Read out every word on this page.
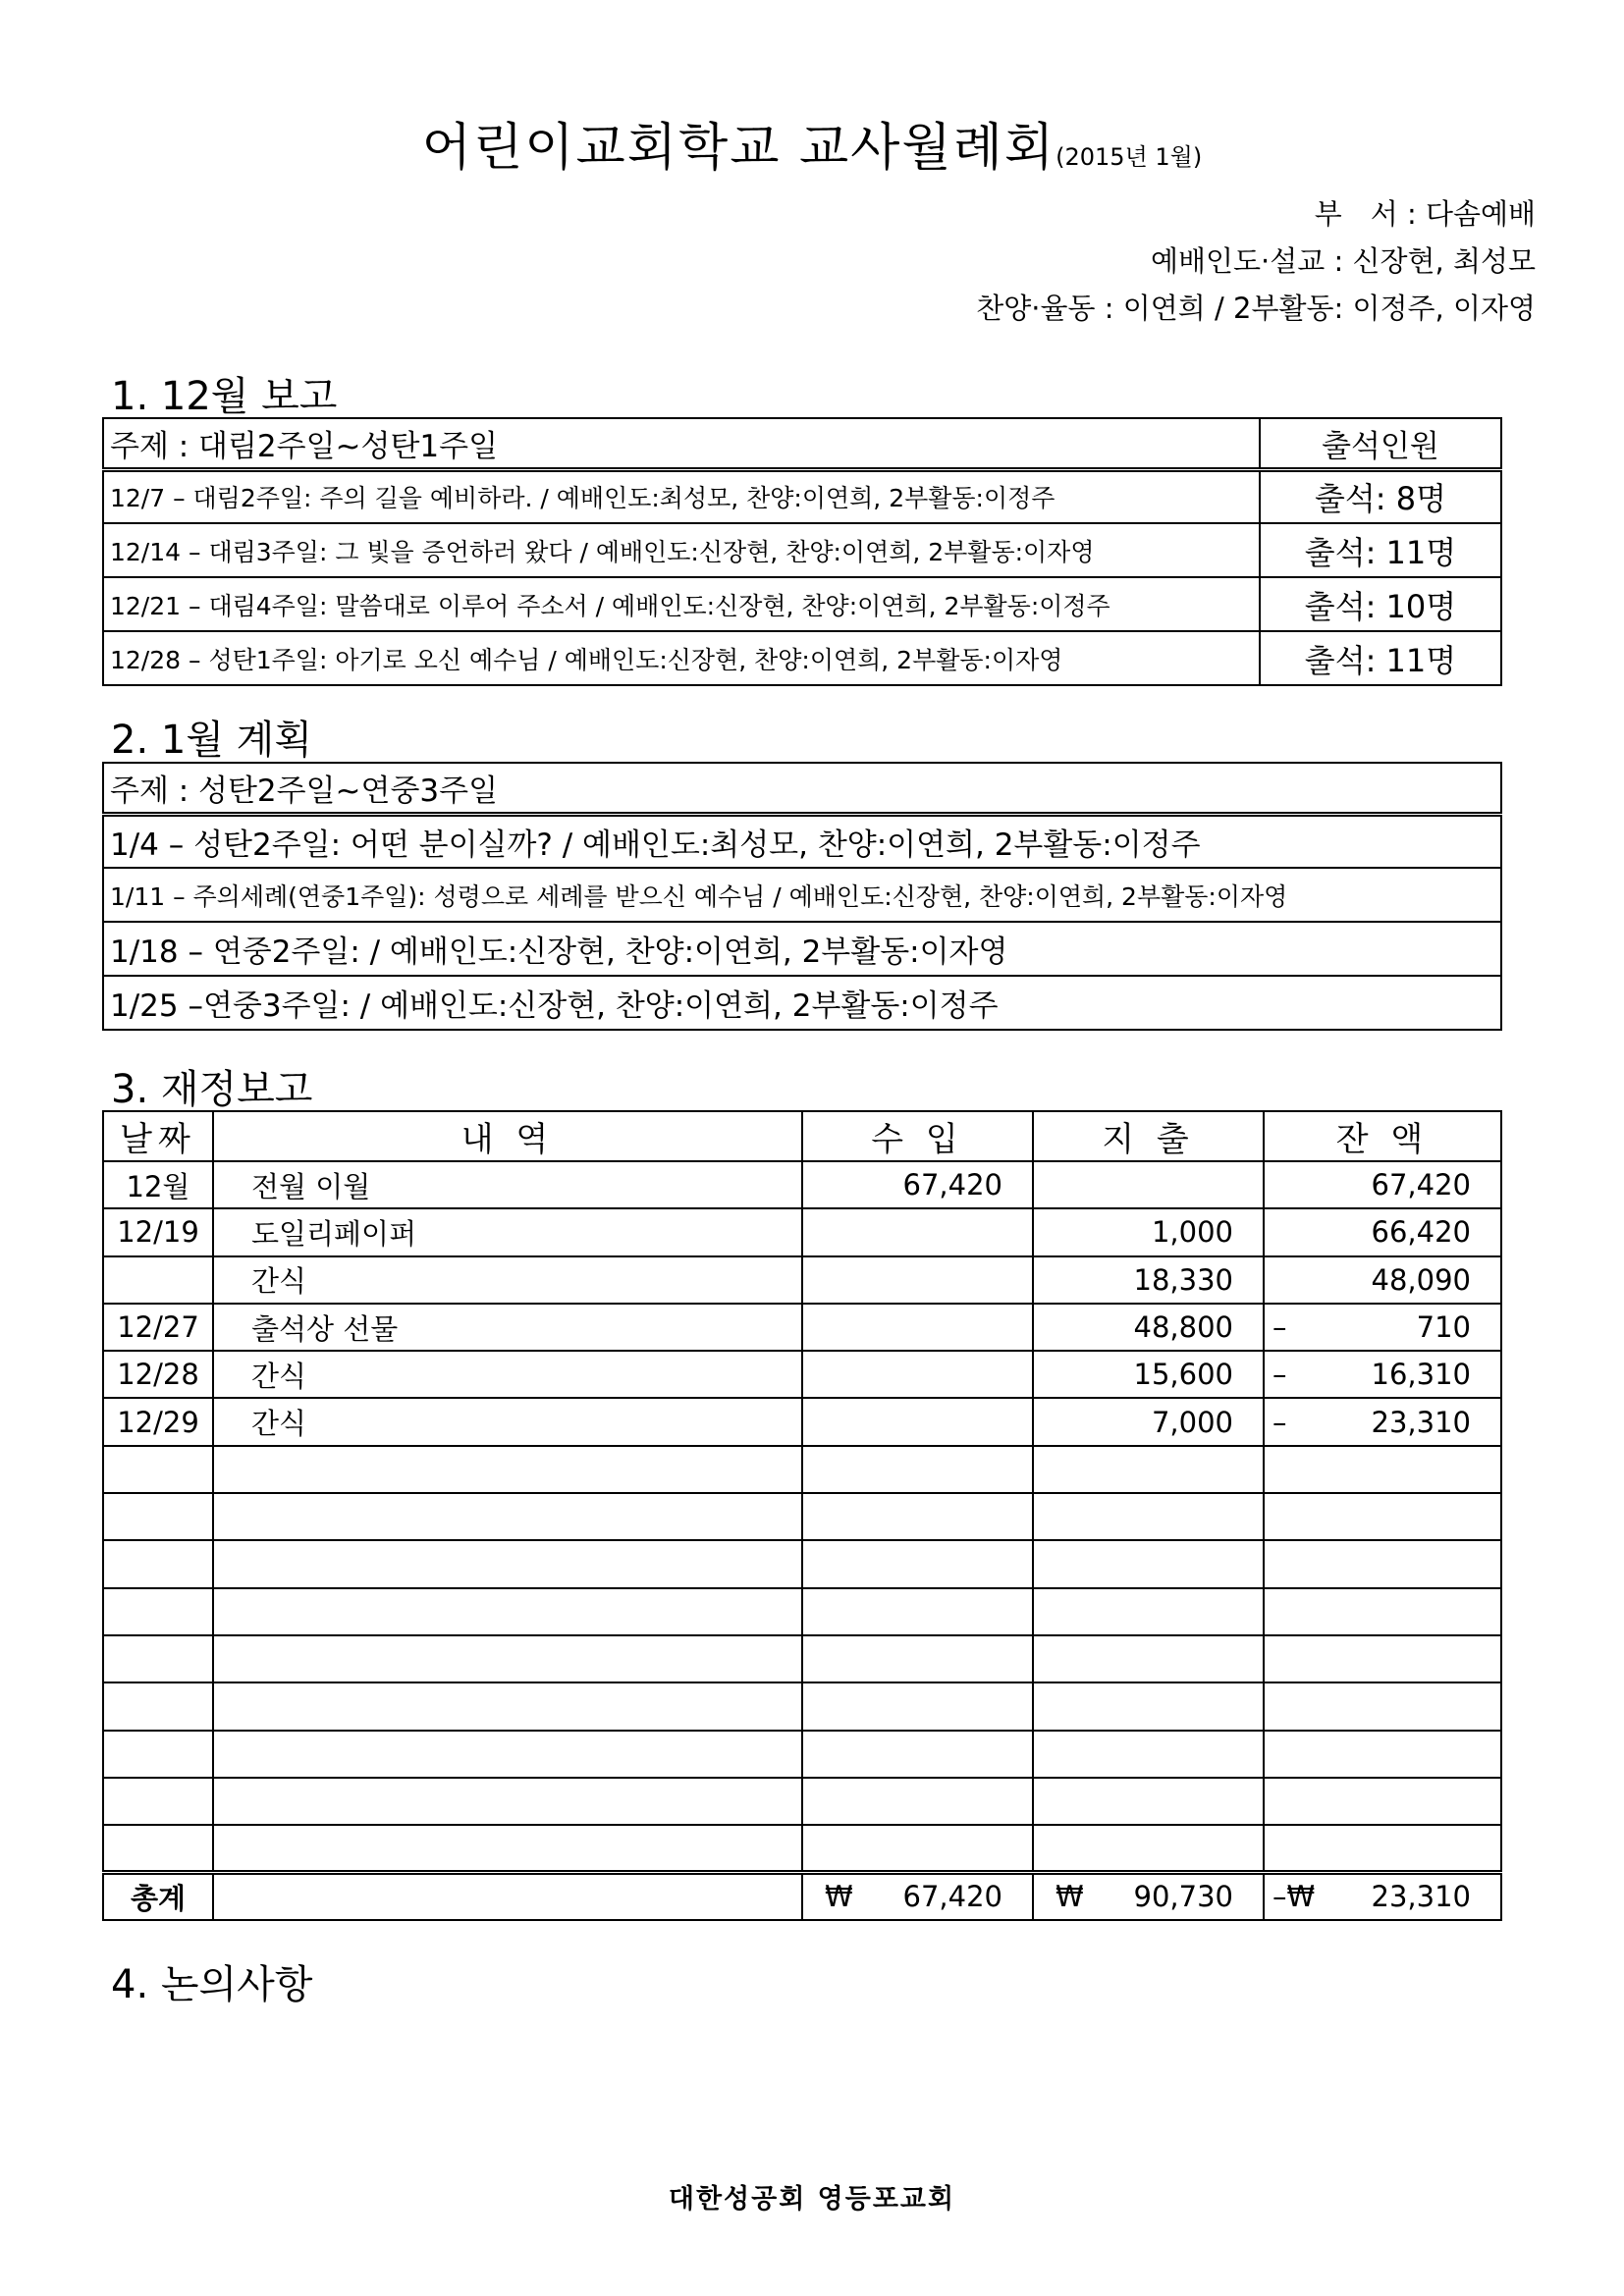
어린이교회학교 교사월례회(2015년 1월)
부　서 : 다솜예배
예배인도·설교 : 신장현, 최성모
찬양·율동 : 이연희 / 2부활동: 이정주, 이자영
1. 12월 보고
주제 : 대림2주일~성탄1주일	출석인원
12/7 – 대림2주일: 주의 길을 예비하라. / 예배인도:최성모, 찬양:이연희, 2부활동:이정주	출석: 8명
12/14 – 대림3주일: 그 빛을 증언하러 왔다 / 예배인도:신장현, 찬양:이연희, 2부활동:이자영	출석: 11명
12/21 – 대림4주일: 말씀대로 이루어 주소서 / 예배인도:신장현, 찬양:이연희, 2부활동:이정주	출석: 10명
12/28 – 성탄1주일: 아기로 오신 예수님 / 예배인도:신장현, 찬양:이연희, 2부활동:이자영	출석: 11명
2. 1월 계획
주제 : 성탄2주일~연중3주일
1/4 – 성탄2주일: 어떤 분이실까? / 예배인도:최성모, 찬양:이연희, 2부활동:이정주
1/11 – 주의세례(연중1주일): 성령으로 세례를 받으신 예수님 / 예배인도:신장현, 찬양:이연희, 2부활동:이자영
1/18 – 연중2주일: / 예배인도:신장현, 찬양:이연희, 2부활동:이자영
1/25 –연중3주일: / 예배인도:신장현, 찬양:이연희, 2부활동:이정주
3. 재정보고
날짜	내 역	수 입	지 출	잔 액
12월	전월 이월	67,420		67,420
12/19	도일리페이퍼		1,000	66,420
	간식		18,330	48,090
12/27	출석상 선물		48,800	– 710
12/28	간식		15,600	– 16,310
12/29	간식		7,000	– 23,310

총계		₩ 67,420	₩ 90,730	–₩ 23,310
4. 논의사항
대한성공회 영등포교회
